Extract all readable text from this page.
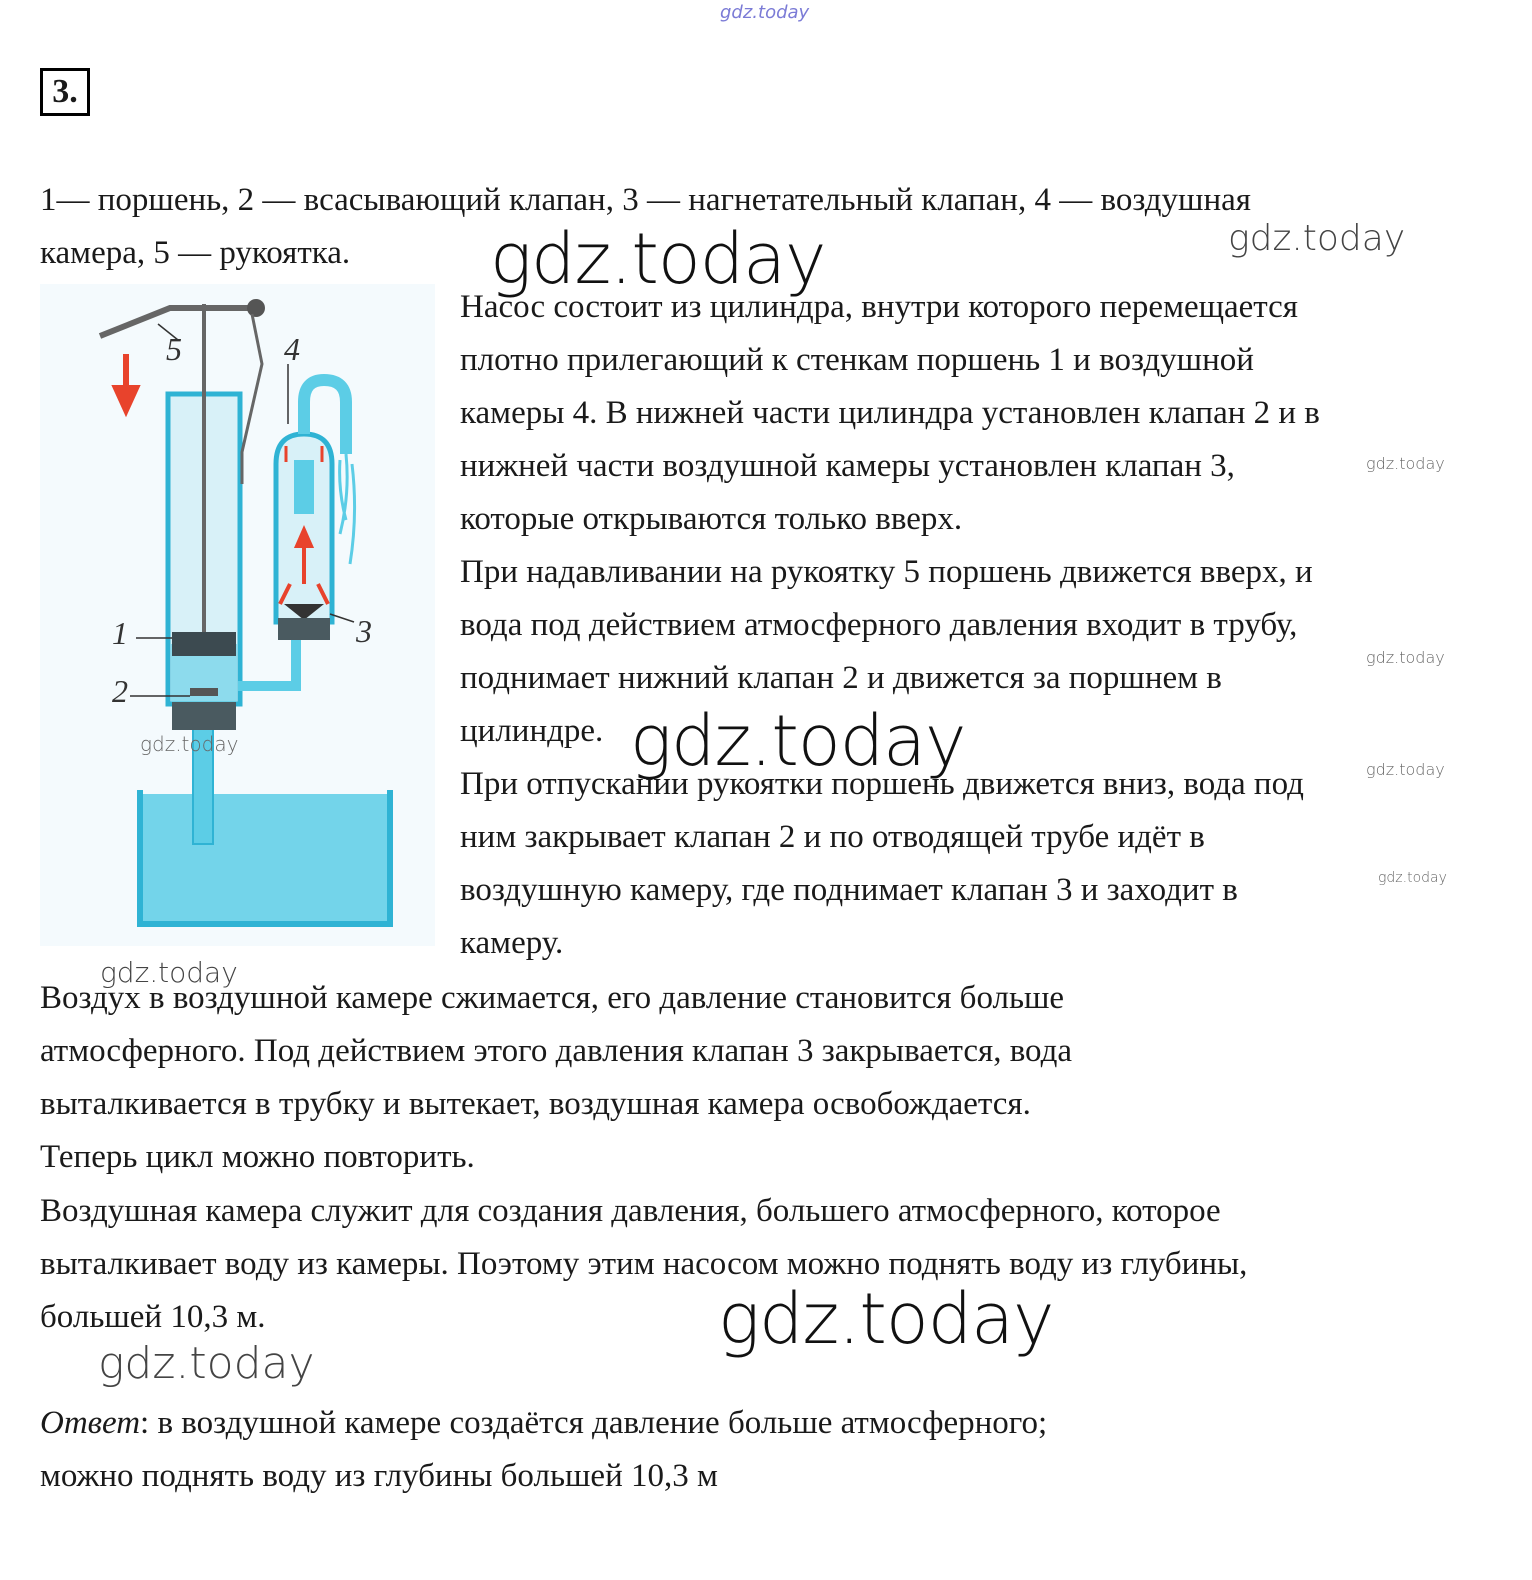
gdz.today
gdz.today
gdz.today
gdz.today
gdz.today
gdz.today
gdz.today
gdz.today
gdz.today
gdz.today
gdz.today
gdz.today
3.
1— поршень, 2 — всасывающий клапан, 3 — нагнетательный клапан, 4 — воздушная
камера, 5 — рукоятка.
1
2
3
4
5
Насос состоит из цилиндра, внутри которого перемещается
плотно прилегающий к стенкам поршень 1 и воздушной
камеры 4. В нижней части цилиндра установлен клапан 2 и в
нижней части воздушной камеры установлен клапан 3,
которые открываются только вверх.
При надавливании на рукоятку 5 поршень движется вверх, и
вода под действием атмосферного давления входит в трубу,
поднимает нижний клапан 2 и движется за поршнем в
цилиндре.
При отпускании рукоятки поршень движется вниз, вода под
ним закрывает клапан 2 и по отводящей трубе идёт в
воздушную камеру, где поднимает клапан 3 и заходит в
камеру.
Воздух в воздушной камере сжимается, его давление становится больше
атмосферного. Под действием этого давления клапан 3 закрывается, вода
выталкивается в трубку и вытекает, воздушная камера освобождается.
Теперь цикл можно повторить.
Воздушная камера служит для создания давления, большего атмосферного, которое
выталкивает воду из камеры. Поэтому этим насосом можно поднять воду из глубины,
большей 10,3 м.
Ответ: в воздушной камере создаётся давление больше атмосферного;
можно поднять воду из глубины большей 10,3 м
